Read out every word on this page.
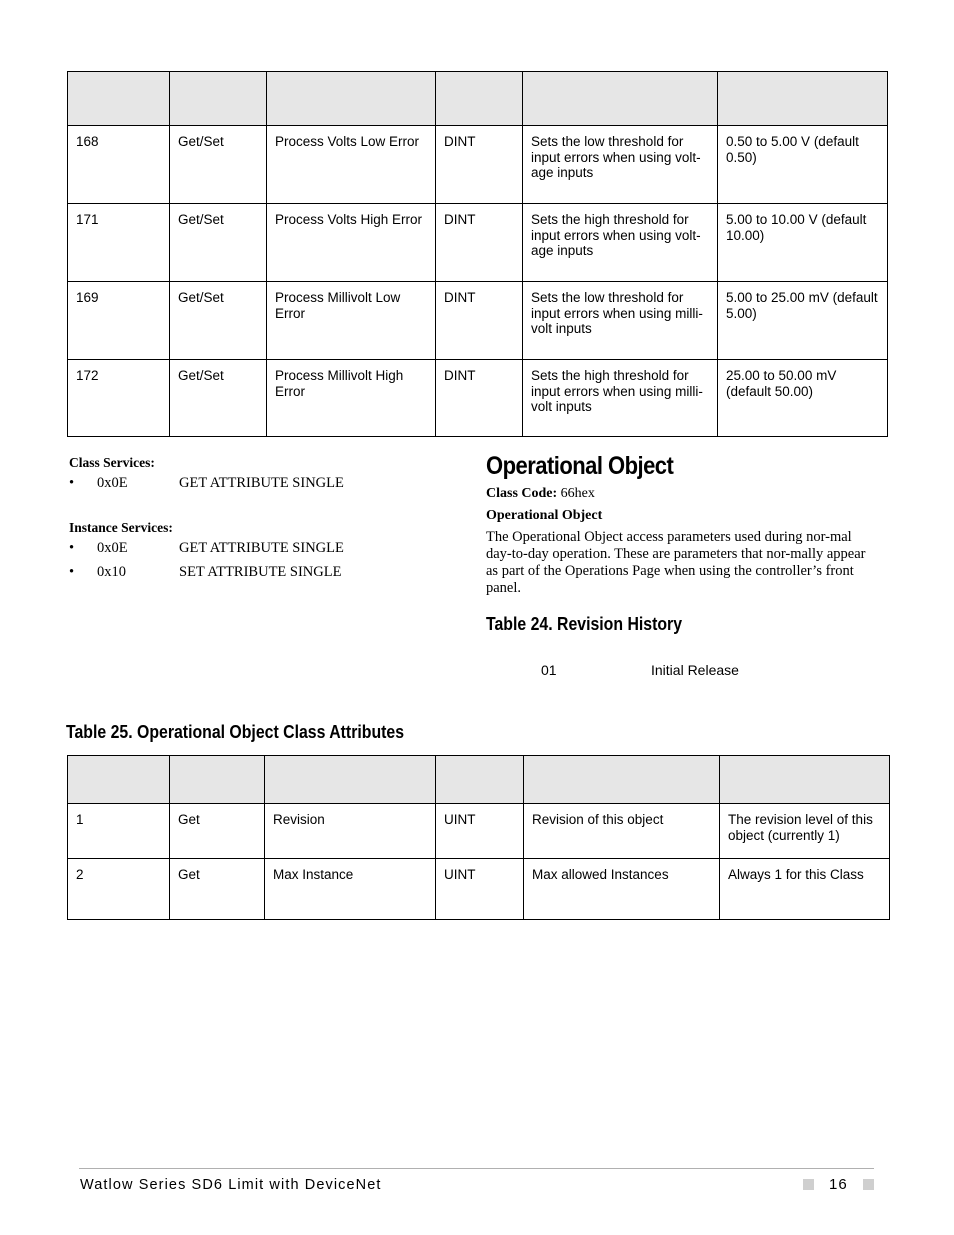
168	Get/Set	Process Volts Low Error	DINT	Sets the low threshold for input errors when using volt-age inputs	0.50 to 5.00 V (default 0.50)
171	Get/Set	Process Volts High Error	DINT	Sets the high threshold for input errors when using volt-age inputs	5.00 to 10.00 V (default 10.00)
169	Get/Set	Process Millivolt Low Error	DINT	Sets the low threshold for input errors when using milli-volt inputs	5.00 to 25.00 mV (default 5.00)
172	Get/Set	Process Millivolt High Error	DINT	Sets the high threshold for input errors when using milli-volt inputs	25.00 to 50.00 mV (default 50.00)
Class Services:
•	0x0E	GET ATTRIBUTE SINGLE
Instance Services:
•	0x0E	GET ATTRIBUTE SINGLE
•	0x10	SET ATTRIBUTE SINGLE
Operational Object
Class Code: 66hex
Operational Object
The Operational Object access parameters used during nor-mal day-to-day operation. These are parameters that nor-mally appear as part of the Operations Page when using the controller’s front panel.
Table 24. Revision History
01	Initial Release
Table 25. Operational Object Class Attributes

1	Get	Revision	UINT	Revision of this object	The revision level of this object (currently 1)
2	Get	Max Instance	UINT	Max allowed Instances	Always 1 for this Class
Watlow Series SD6 Limit with DeviceNet	16
